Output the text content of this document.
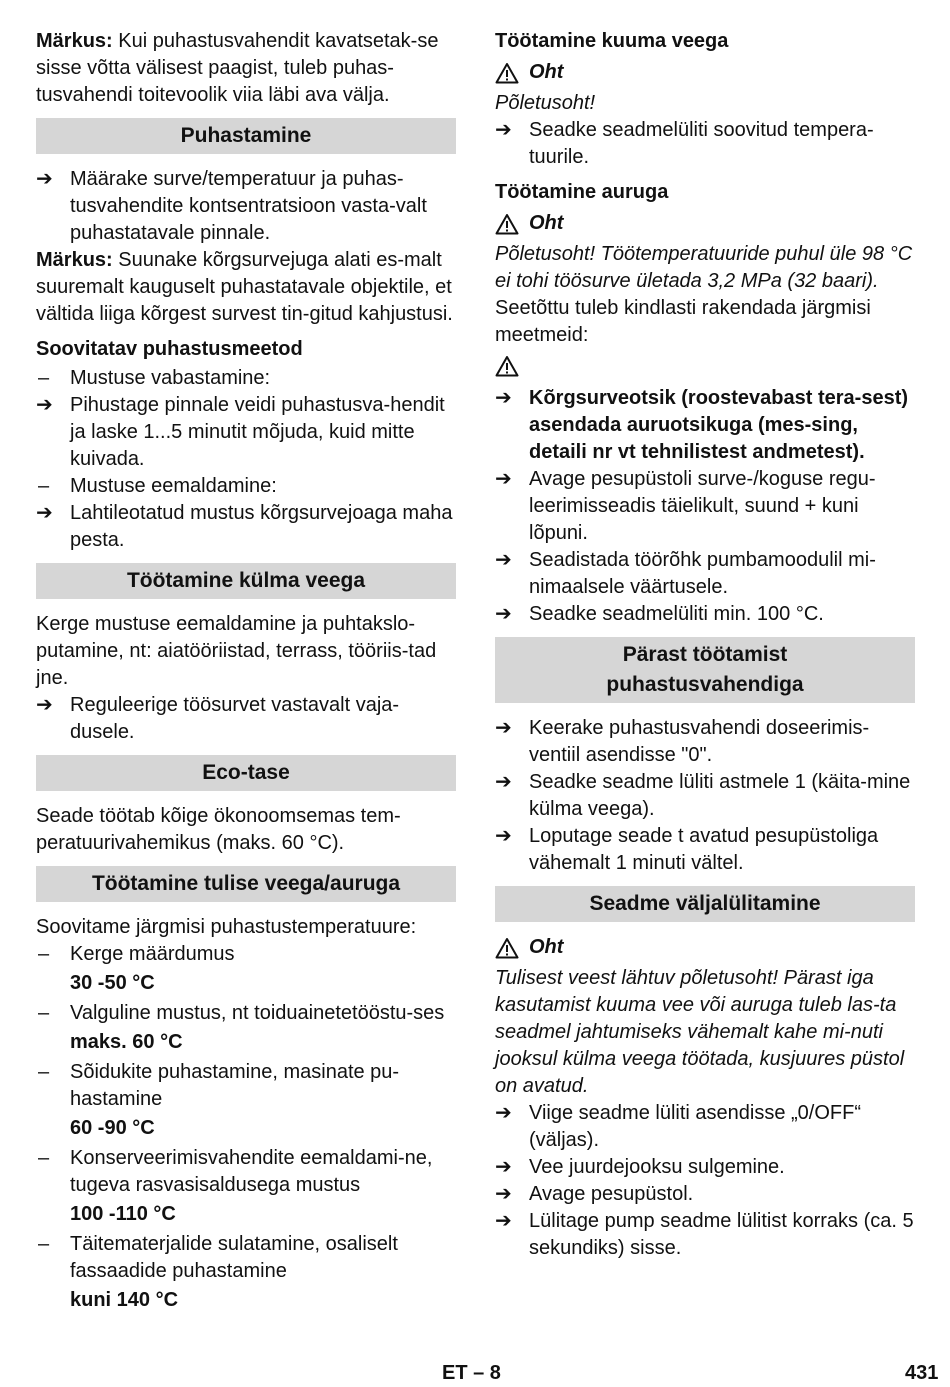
Märkus: Kui puhastusvahendit kavatsetak-se sisse võtta välisest paagist, tuleb puhas-tusvahendi toitevoolik viia läbi ava välja.

Puhastamine
➔ Määrake surve/temperatuur ja puhas-tusvahendite kontsentratsioon vasta-valt puhastatavale pinnale.

Märkus: Suunake kõrgsurvejuga alati es-malt suuremalt kauguselt puhastatavale objektile, et vältida liiga kõrgest survest tin-gitud kahjustusi.

Soovitatav puhastusmeetod

–	Mustuse vabastamine:
➔ Pihustage pinnale veidi puhastusva-hendit ja laske 1...5 minutit mõjuda, kuid mitte kuivada.
–	Mustuse eemaldamine:
➔ Lahtileotatud mustus kõrgsurvejoaga maha pesta.
Töötamine külma veega

Kerge mustuse eemaldamine ja puhtakslo-putamine, nt: aiatööriistad, terrass, tööriis-tad jne.

➔ Reguleerige töösurvet vastavalt vaja-dusele.
Eco-tase

Seade töötab kõige ökonoomsemas tem-peratuurivahemikus (maks. 60 °C).

Töötamine tulise veega/auruga

Soovitame järgmisi puhastustemperatuure:

–	Kerge määrdumus
30 -50 °C
–	Valguline mustus, nt toiduainetetööstu-ses
maks. 60 °C
–	Sõidukite puhastamine, masinate pu-hastamine
60 -90 °C
–	Konserveerimisvahendite eemaldami-ne, tugeva rasvasisaldusega mustus
100 -110 °C
–	Täitematerjalide sulatamine, osaliselt fassaadide puhastamine
kuni 140 °C

Töötamine kuuma veega

Oht

Põletusoht!

➔ Seadke seadmelüliti soovitud tempera-tuurile.

Töötamine auruga

Oht

Põletusoht! Töötemperatuuride puhul üle 98 °C ei tohi töösurve ületada 3,2 MPa (32 baari).

Seetõttu tuleb kindlasti rakendada järgmisi meetmeid:

➔ Kõrgsurveotsik (roostevabast tera-sest) asendada auruotsikuga (mes-sing, detaili nr vt tehnilistest andmetest).
➔ Avage pesupüstoli surve-/koguse regu-leerimisseadis täielikult, suund + kuni lõpuni.
➔ Seadistada töörõhk pumbamoodulil mi-nimaalsele väärtusele.
➔ Seadke seadmelüliti min. 100 °C.
Pärast töötamist puhastusvahendiga
➔ Keerake puhastusvahendi doseerimis-ventiil asendisse "0".
➔ Seadke seadme lüliti astmele 1 (käita-mine külma veega).
➔ Loputage seade t avatud pesupüstoliga vähemalt 1 minuti vältel.
Seadme väljalülitamine
Oht

Tulisest veest lähtuv põletusoht! Pärast iga kasutamist kuuma vee või auruga tuleb las-ta seadmel jahtumiseks vähemalt kahe mi-nuti jooksul külma veega töötada, kusjuures püstol on avatud.

➔ Viige seadme lüliti asendisse „0/OFF“ (väljas).
➔ Vee juurdejooksu sulgemine.
➔ Avage pesupüstol.
➔ Lülitage pump seadme lülitist korraks (ca. 5 sekundiks) sisse.
ET – 8	431
